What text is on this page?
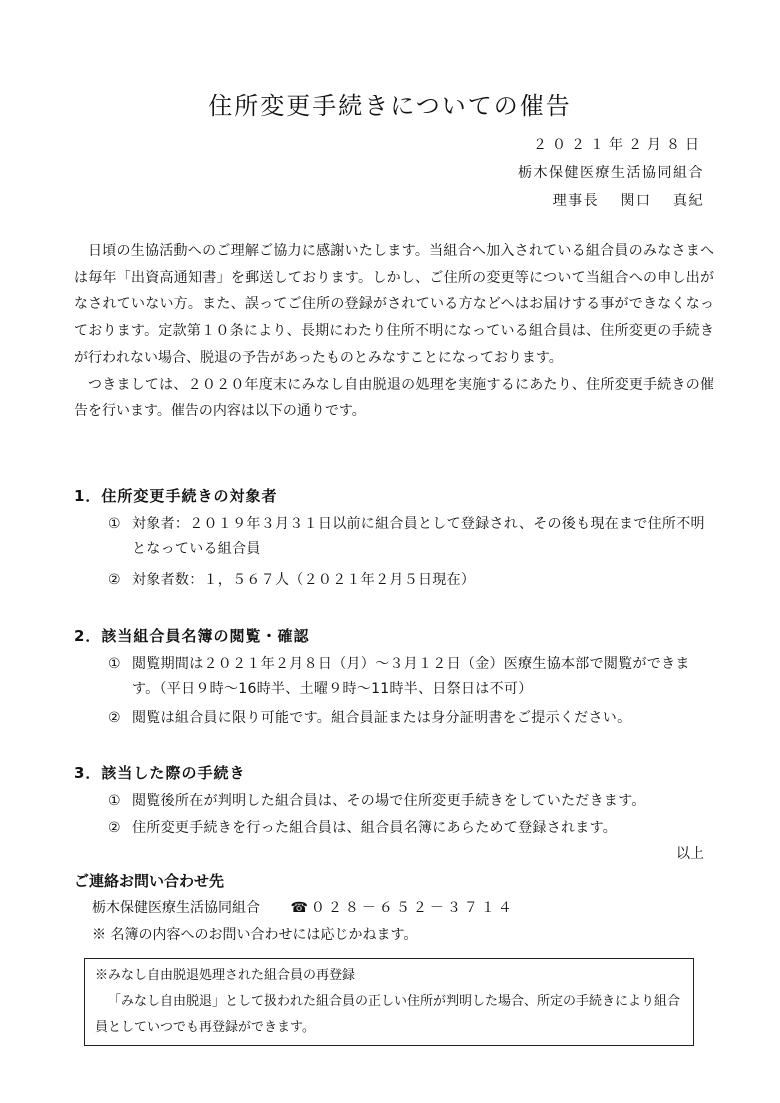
住所変更手続きについての催告
２０２１年２月８日
栃木保健医療生活協同組合
理事長　 関口　 真紀

日頃の生協活動へのご理解ご協力に感謝いたします。当組合へ加入されている組合員のみなさまへは毎年「出資高通知書」を郵送しております。しかし、ご住所の変更等について当組合への申し出がなされていない方。また、誤ってご住所の登録がされている方などへはお届けする事ができなくなっております。定款第１０条により、長期にわたり住所不明になっている組合員は、住所変更の手続きが行われない場合、脱退の予告があったものとみなすことになっております。

つきましては、２０２０年度末にみなし自由脱退の処理を実施するにあたり、住所変更手続きの催告を行います。催告の内容は以下の通りです。

1．住所変更手続きの対象者
① 対象者：２０１９年３月３１日以前に組合員として登録され、その後も現在まで住所不明となっている組合員
② 対象者数：１，５６７人（２０２１年２月５日現在）
2．該当組合員名簿の閲覧・確認
① 閲覧期間は２０２１年２月８日（月）～３月１２日（金）医療生協本部で閲覧ができます。（平日９時～16時半、土曜９時～11時半、日祭日は不可）
② 閲覧は組合員に限り可能です。組合員証または身分証明書をご提示ください。
3．該当した際の手続き
① 閲覧後所在が判明した組合員は、その場で住所変更手続きをしていただきます。
② 住所変更手続きを行った組合員は、組合員名簿にあらためて登録されます。
以上
ご連絡お問い合わせ先
栃木保健医療生活協同組合 ☎０２８－６５２－３７１４
※ 名簿の内容へのお問い合わせには応じかねます。
※みなし自由脱退処理された組合員の再登録
「みなし自由脱退」として扱われた組合員の正しい住所が判明した場合、所定の手続きにより組合員としていつでも再登録ができます。
